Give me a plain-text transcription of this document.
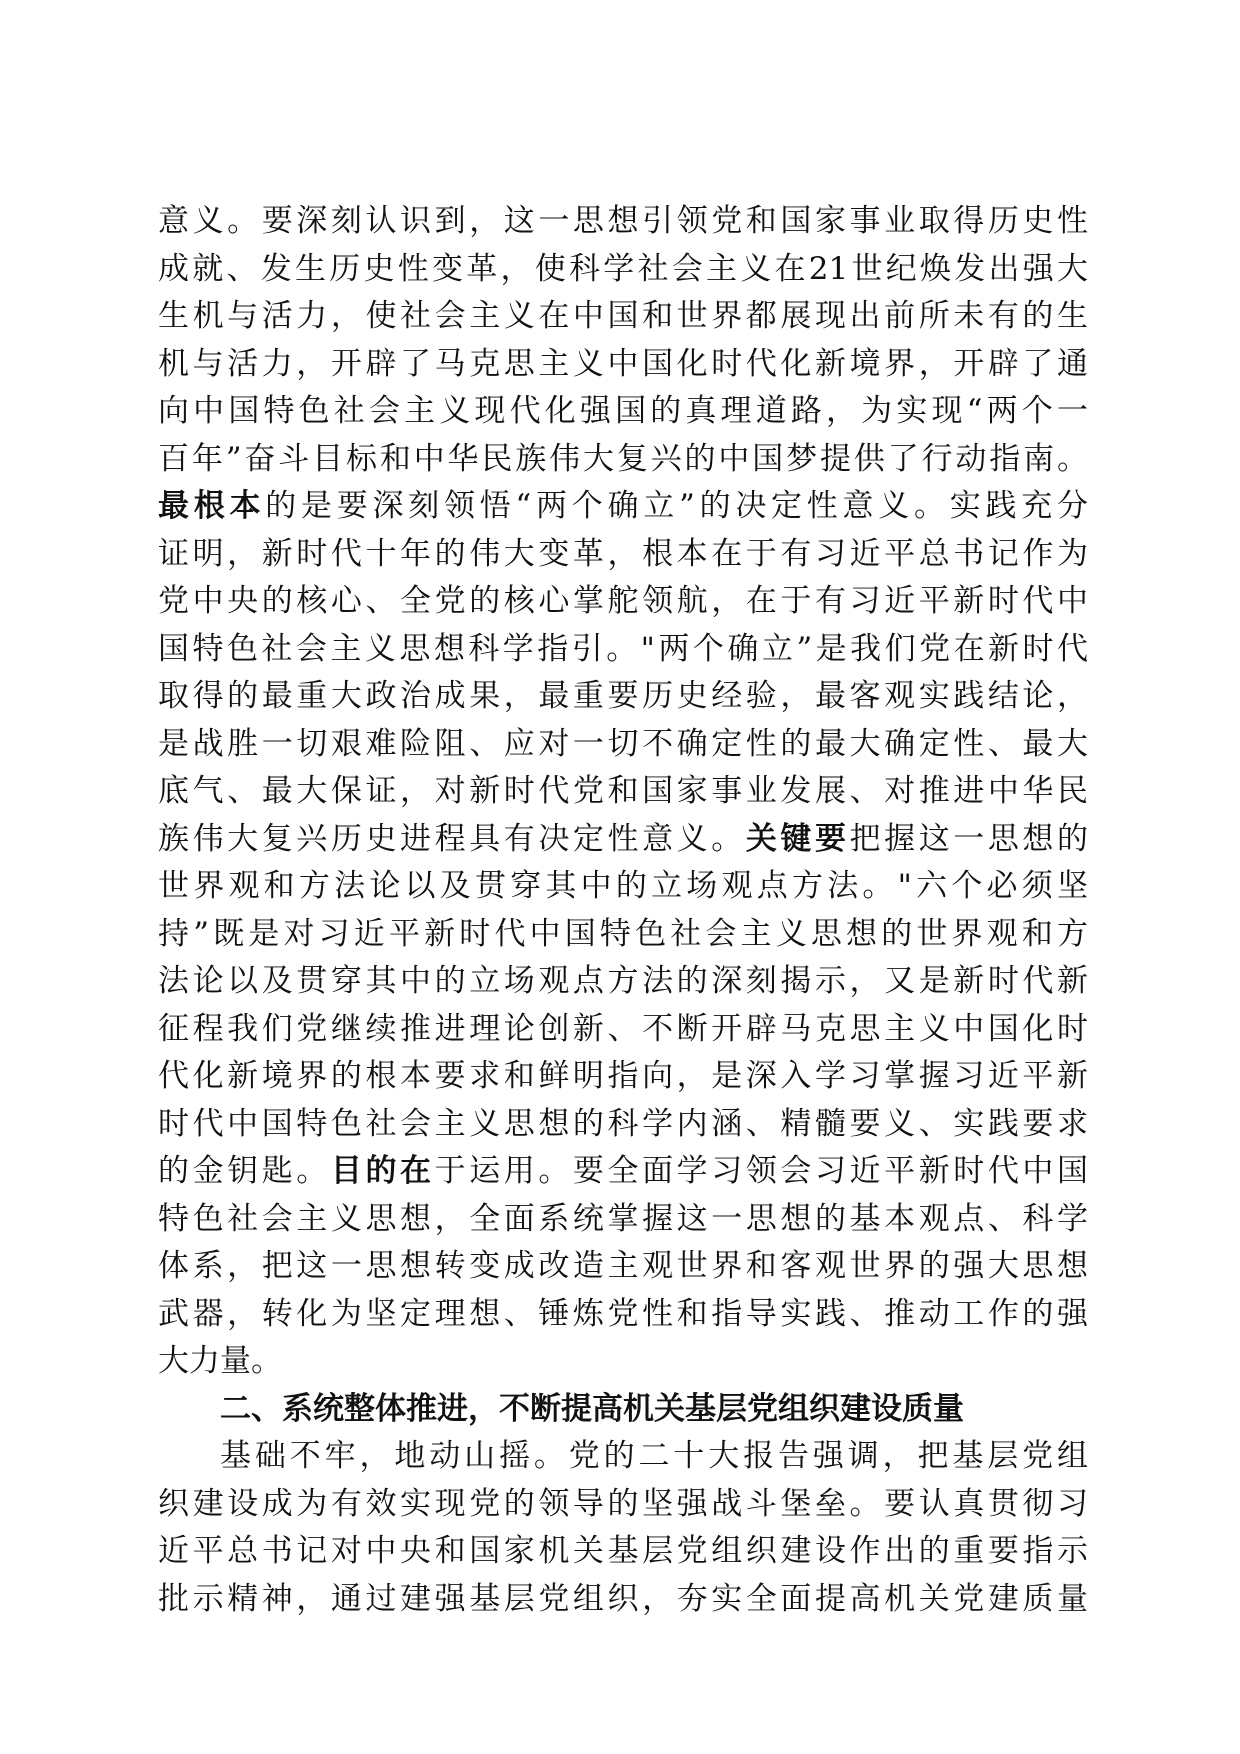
意义。要深刻认识到，这一思想引领党和国家事业取得历史性
成就、发生历史性变革，使科学社会主义在21世纪焕发出强大
生机与活力，使社会主义在中国和世界都展现出前所未有的生
机与活力，开辟了马克思主义中国化时代化新境界，开辟了通
向中国特色社会主义现代化强国的真理道路，为实现“两个一
百年”奋斗目标和中华民族伟大复兴的中国梦提供了行动指南。
最根本的是要深刻领悟“两个确立”的决定性意义。实践充分
证明，新时代十年的伟大变革，根本在于有习近平总书记作为
党中央的核心、全党的核心掌舵领航，在于有习近平新时代中
国特色社会主义思想科学指引。"两个确立”是我们党在新时代
取得的最重大政治成果，最重要历史经验，最客观实践结论，
是战胜一切艰难险阻、应对一切不确定性的最大确定性、最大
底气、最大保证，对新时代党和国家事业发展、对推进中华民
族伟大复兴历史进程具有决定性意义。关键要把握这一思想的
世界观和方法论以及贯穿其中的立场观点方法。"六个必须坚
持”既是对习近平新时代中国特色社会主义思想的世界观和方
法论以及贯穿其中的立场观点方法的深刻揭示，又是新时代新
征程我们党继续推进理论创新、不断开辟马克思主义中国化时
代化新境界的根本要求和鲜明指向，是深入学习掌握习近平新
时代中国特色社会主义思想的科学内涵、精髓要义、实践要求
的金钥匙。目的在于运用。要全面学习领会习近平新时代中国
特色社会主义思想，全面系统掌握这一思想的基本观点、科学
体系，把这一思想转变成改造主观世界和客观世界的强大思想
武器，转化为坚定理想、锤炼党性和指导实践、推动工作的强
大力量。
二、系统整体推进，不断提高机关基层党组织建设质量
基础不牢，地动山摇。党的二十大报告强调，把基层党组
织建设成为有效实现党的领导的坚强战斗堡垒。要认真贯彻习
近平总书记对中央和国家机关基层党组织建设作出的重要指示
批示精神，通过建强基层党组织，夯实全面提高机关党建质量
